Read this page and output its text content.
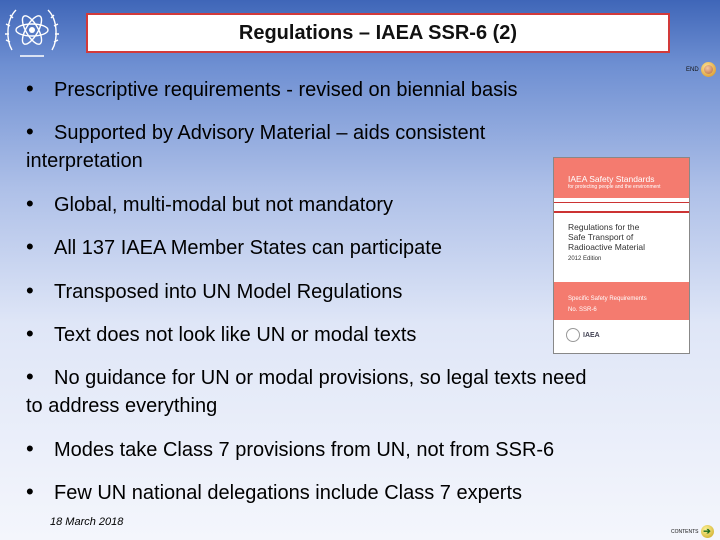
Regulations – IAEA SSR-6 (2)
END

• Prescriptive requirements - revised on biennial basis

• Supported by Advisory Material – aids consistent
interpretation

• Global, multi-modal but not mandatory

• All 137 IAEA Member States can participate

• Transposed into UN Model Regulations

• Text does not look like UN or modal texts

• No guidance for UN or modal provisions, so legal texts need
to address everything

• Modes take Class 7 provisions from UN, not from SSR-6

• Few UN national delegations include Class 7 experts

IAEA Safety Standards
for protecting people and the environment
Regulations for the
Safe Transport of
Radioactive Material
2012 Edition
Specific Safety Requirements
No. SSR-6
IAEA
18 March 2018
CONTENTS ➔
